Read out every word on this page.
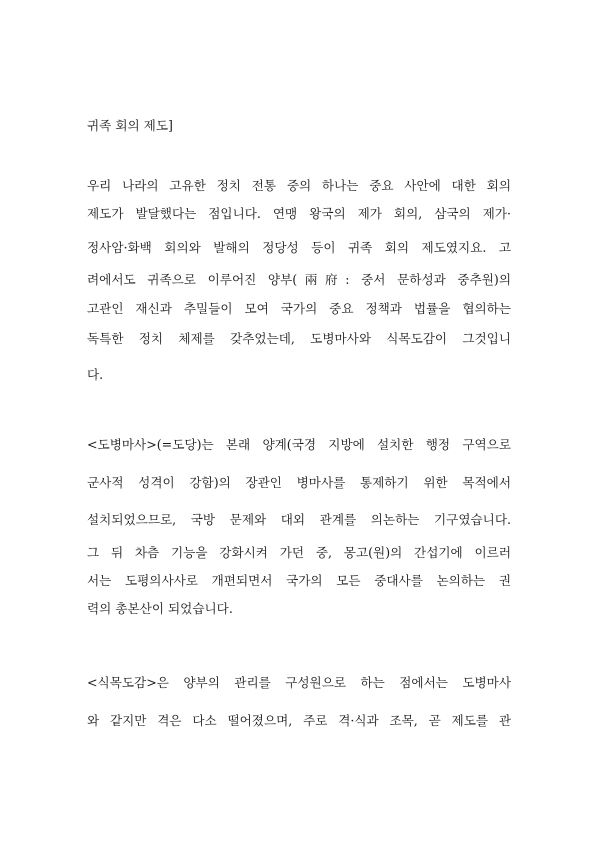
귀족 회의 제도]
우리 나라의 고유한 정치 전통 중의 하나는 중요 사안에 대한 회의
제도가 발달했다는 점입니다. 연맹 왕국의 제가 회의, 삼국의 제가·
정사암·화백 회의와 발해의 정당성 등이 귀족 회의 제도였지요. 고
려에서도 귀족으로 이루어진 양부(兩府: 중서 문하성과 중추원)의
고관인 재신과 추밀들이 모여 국가의 중요 정책과 법률을 협의하는
독특한 정치 체제를 갖추었는데, 도병마사와 식목도감이 그것입니
다.
<도병마사>(=도당)는 본래 양계(국경 지방에 설치한 행정 구역으로
군사적 성격이 강함)의 장관인 병마사를 통제하기 위한 목적에서
설치되었으므로, 국방 문제와 대외 관계를 의논하는 기구였습니다.
그 뒤 차츰 기능을 강화시켜 가던 중, 몽고(원)의 간섭기에 이르러
서는 도평의사사로 개편되면서 국가의 모든 중대사를 논의하는 권
력의 총본산이 되었습니다.
<식목도감>은 양부의 관리를 구성원으로 하는 점에서는 도병마사
와 같지만 격은 다소 떨어졌으며, 주로 격·식과 조목, 곧 제도를 관
